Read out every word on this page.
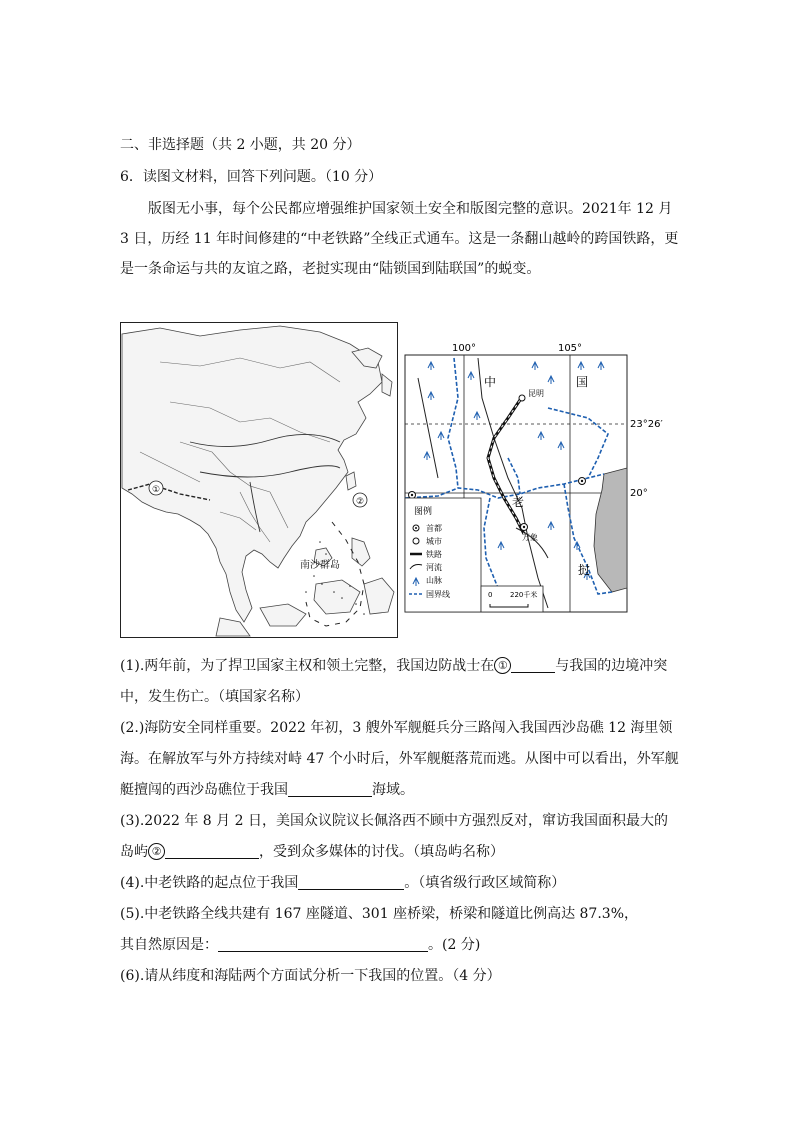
二、非选择题（共 2 小题，共 20 分）
6．读图文材料，回答下列问题。（10 分）
版图无小事，每个公民都应增强维护国家领土安全和版图完整的意识。2021年 12 月 3 日，历经 11 年时间修建的“中老铁路”全线正式通车。这是一条翻山越岭的跨国铁路，更是一条命运与共的友谊之路，老挝实现由“陆锁国到陆联国”的蜕变。
①
②
南沙群岛
100°	105°
23°26′
20°
昆明
万象
中	国
老
挝
图例
首都
城市
铁路
河流
山脉
国界线	0	220千米
(1).两年前，为了捍卫国家主权和领土完整，我国边防战士在 ①	与我国的边境冲突中，发生伤亡。（填国家名称）
(2.)海防安全同样重要。2022 年初，3 艘外军舰艇兵分三路闯入我国西沙岛礁 12 海里领海。在解放军与外方持续对峙 47 个小时后，外军舰艇落荒而逃。从图中可以看出，外军舰艇擅闯的西沙岛礁位于我国	海域。
(3).2022 年 8 月 2 日，美国众议院议长佩洛西不顾中方强烈反对，窜访我国面积最大的岛屿 ②	，受到众多媒体的讨伐。（填岛屿名称）
(4).中老铁路的起点位于我国	。（填省级行政区域简称）
(5).中老铁路全线共建有 167 座隧道、301 座桥梁，桥梁和隧道比例高达 87.3%，
其自然原因是：	。(2 分)
(6).请从纬度和海陆两个方面试分析一下我国的位置。（4 分）
